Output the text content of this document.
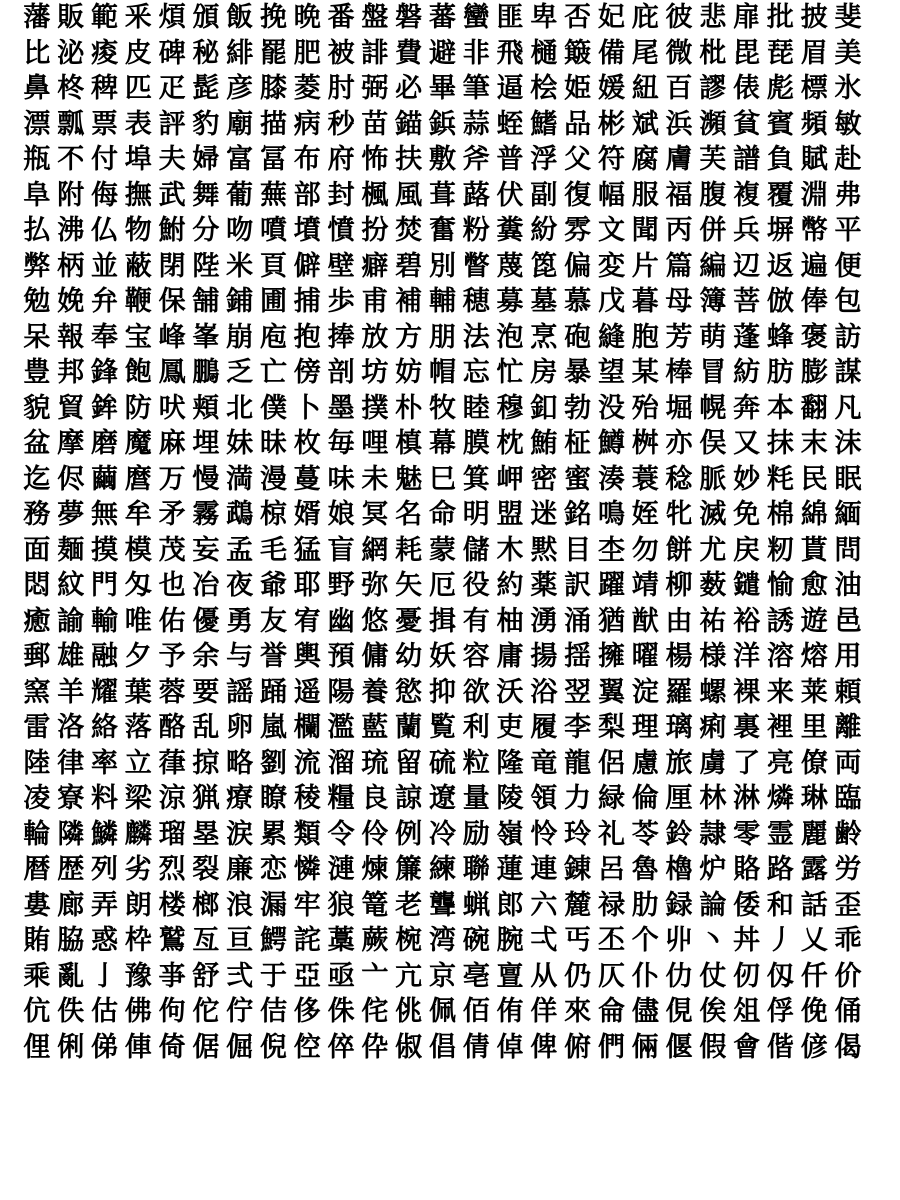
藩 販 範 釆 煩 頒 飯 挽 晩 番 盤 磐 蕃 蠻 匪 卑 否 妃 庇 彼 悲 扉 批 披 斐
比 泌 痠 皮 碑 秘 緋 罷 肥 被 誹 費 避 非 飛 樋 簸 備 尾 微 枇 毘 琵 眉 美
鼻 柊 稗 匹 疋 髭 彦 膝 菱 肘 弼 必 畢 筆 逼 桧 姫 媛 紐 百 謬 俵 彪 標 氷
漂 瓢 票 表 評 豹 廟 描 病 秒 苗 錨 鋲 蒜 蛭 鰭 品 彬 斌 浜 瀕 貧 賓 頻 敏
瓶 不 付 埠 夫 婦 富 冨 布 府 怖 扶 敷 斧 普 浮 父 符 腐 膚 芙 譜 負 賦 赴
阜 附 侮 撫 武 舞 葡 蕪 部 封 楓 風 葺 蕗 伏 副 復 幅 服 福 腹 複 覆 淵 弗
払 沸 仏 物 鮒 分 吻 噴 墳 憤 扮 焚 奮 粉 糞 紛 雰 文 聞 丙 併 兵 塀 幣 平
弊 柄 並 蔽 閉 陛 米 頁 僻 壁 癖 碧 別 瞥 蔑 箆 偏 変 片 篇 編 辺 返 遍 便
勉 娩 弁 鞭 保 舗 鋪 圃 捕 歩 甫 補 輔 穂 募 墓 慕 戊 暮 母 簿 菩 倣 俸 包
呆 報 奉 宝 峰 峯 崩 庖 抱 捧 放 方 朋 法 泡 烹 砲 縫 胞 芳 萌 蓬 蜂 褒 訪
豊 邦 鋒 飽 鳳 鵬 乏 亡 傍 剖 坊 妨 帽 忘 忙 房 暴 望 某 棒 冒 紡 肪 膨 謀
貌 貿 鉾 防 吠 頬 北 僕 卜 墨 撲 朴 牧 睦 穆 釦 勃 没 殆 堀 幌 奔 本 翻 凡
盆 摩 磨 魔 麻 埋 妹 昧 枚 毎 哩 槙 幕 膜 枕 鮪 柾 鱒 桝 亦 俣 又 抹 末 沫
迄 侭 繭 麿 万 慢 満 漫 蔓 味 未 魅 巳 箕 岬 密 蜜 湊 蓑 稔 脈 妙 粍 民 眠
務 夢 無 牟 矛 霧 鵡 椋 婿 娘 冥 名 命 明 盟 迷 銘 鳴 姪 牝 滅 免 棉 綿 緬
面 麺 摸 模 茂 妄 孟 毛 猛 盲 網 耗 蒙 儲 木 黙 目 杢 勿 餅 尤 戻 籾 貰 問
悶 紋 門 匁 也 冶 夜 爺 耶 野 弥 矢 厄 役 約 薬 訳 躍 靖 柳 薮 鑓 愉 愈 油
癒 諭 輸 唯 佑 優 勇 友 宥 幽 悠 憂 揖 有 柚 湧 涌 猶 猷 由 祐 裕 誘 遊 邑
郵 雄 融 夕 予 余 与 誉 輿 預 傭 幼 妖 容 庸 揚 揺 擁 曜 楊 様 洋 溶 熔 用
窯 羊 耀 葉 蓉 要 謡 踊 遥 陽 養 慾 抑 欲 沃 浴 翌 翼 淀 羅 螺 裸 来 莱 頼
雷 洛 絡 落 酪 乱 卵 嵐 欄 濫 藍 蘭 覧 利 吏 履 李 梨 理 璃 痢 裏 裡 里 離
陸 律 率 立 葎 掠 略 劉 流 溜 琉 留 硫 粒 隆 竜 龍 侶 慮 旅 虜 了 亮 僚 両
凌 寮 料 梁 涼 猟 療 瞭 稜 糧 良 諒 遼 量 陵 領 力 緑 倫 厘 林 淋 燐 琳 臨
輪 隣 鱗 麟 瑠 塁 涙 累 類 令 伶 例 冷 励 嶺 怜 玲 礼 苓 鈴 隷 零 霊 麗 齢
暦 歴 列 劣 烈 裂 廉 恋 憐 漣 煉 簾 練 聯 蓮 連 錬 呂 魯 櫓 炉 賂 路 露 労
婁 廊 弄 朗 楼 榔 浪 漏 牢 狼 篭 老 聾 蝋 郎 六 麓 禄 肋 録 論 倭 和 話 歪
賄 脇 惑 枠 鷲 亙 亘 鰐 詫 藁 蕨 椀 湾 碗 腕 弌 丐 丕 个 丱 丶 丼 丿 乂 乖
乘 亂 亅 豫 亊 舒 弍 于 亞 亟 亠 亢 京 亳 亶 从 仍 仄 仆 仂 仗 仞 仭 仟 价
伉 佚 估 佛 佝 佗 佇 佶 侈 侏 侘 佻 佩 佰 侑 佯 來 侖 儘 俔 俟 俎 俘 俛 俑
俚 俐 俤 俥 倚 倨 倔 倪 倥 倅 伜 俶 倡 倩 倬 俾 俯 們 倆 偃 假 會 偕 偐 偈
